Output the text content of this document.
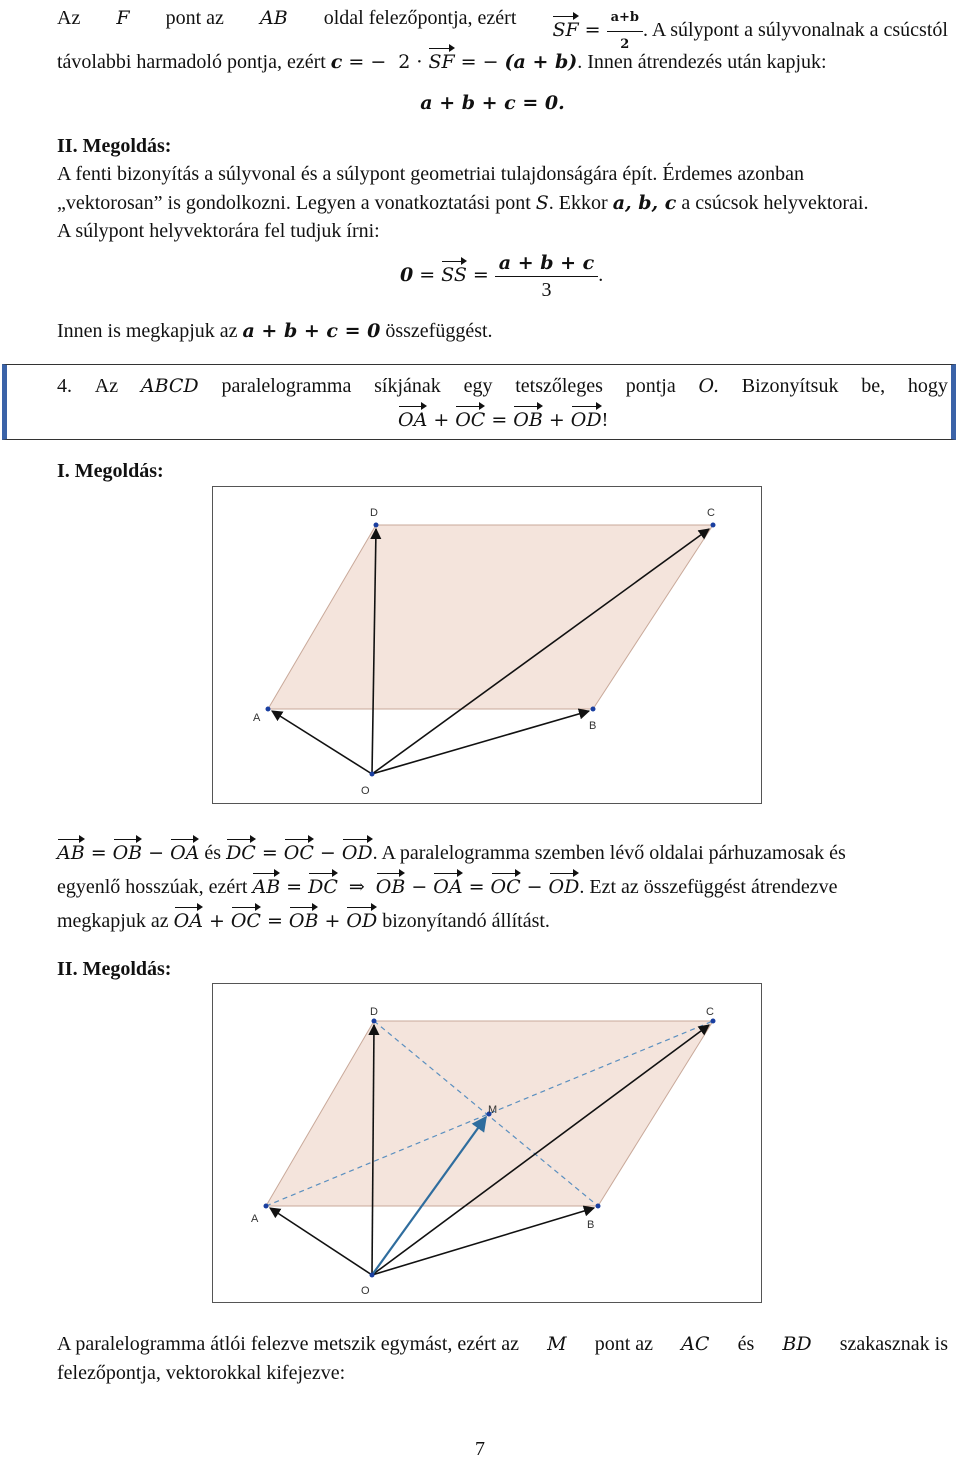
Az F pont az AB oldal felezőpontja, ezért
SF = $\frac{a+b}{2}$ . A súlypont a súlyvonalnak a csúcstól
távolabbi harmadoló pontja, ezért c = − 2 · SF = − (a + b). Innen átrendezés után kapjuk:
a + b + c = 0.
II. Megoldás:
A fenti bizonyítás a súlyvonal és a súlypont geometriai tulajdonságára épít. Érdemes azonban
„vektorosan” is gondolkozni. Legyen a vonatkoztatási pont S. Ekkor a, b, c a csúcsok helyvektorai.
A súlypont helyvektorára fel tudjuk írni:
0 = SS = $\frac{a + b + c}{3}$ .
Innen is megkapjuk az a + b + c = 0 összefüggést.
4. Az ABCD paralelogramma síkjának egy tetszőleges pontja O. Bizonyítsuk be, hogy
OA + OC = OB + OD!
I. Megoldás:
D	C
A
B
O
AB = OB − OA és DC = OC − OD. A paralelogramma szemben lévő oldalai párhuzamosak és
egyenlő hosszúak, ezért AB = DC ⇒ OB − OA = OC − OD. Ezt az összefüggést átrendezve
megkapjuk az OA + OC = OB + OD bizonyítandó állítást.
II. Megoldás:
D	C
A	B
O
M
A paralelogramma átlói felezve metszik egymást, ezért az M pont az AC és BD szakasznak is
felezőpontja, vektorokkal kifejezve:
7
